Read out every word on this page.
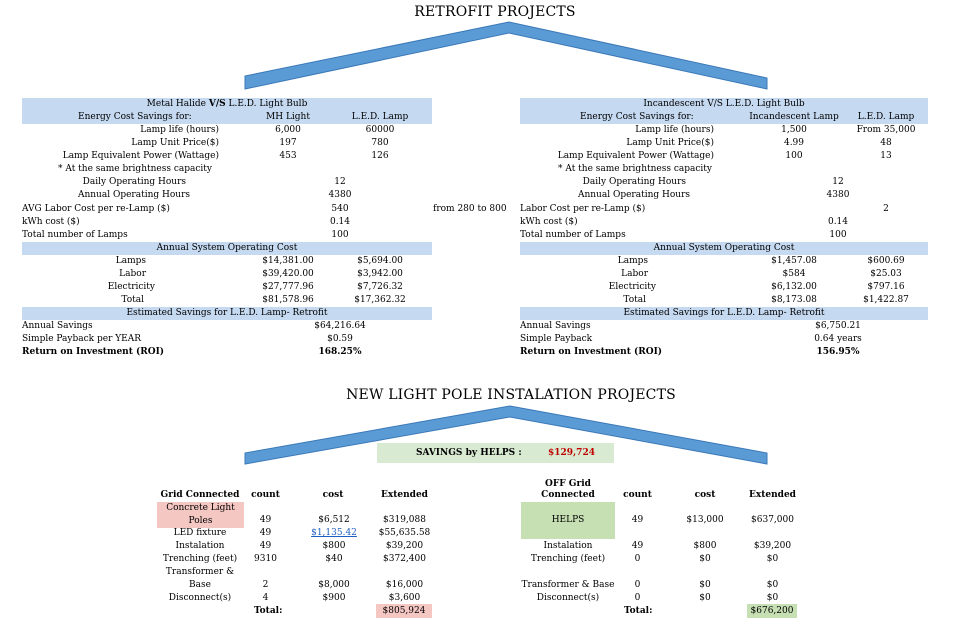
RETROFIT PROJECTS
Metal Halide V/S L.E.D. Light Bulb
Energy Cost Savings for:	MH Light	L.E.D. Lamp
Lamp life (hours)	6,000	60000
Lamp Unit Price($)	197	780
Lamp Equivalent Power (Wattage)	453	126
* At the same brightness capacity
Daily Operating Hours	12
Annual Operating Hours	4380
AVG Labor Cost per re-Lamp ($)	540	from 280 to 800
kWh cost ($)	0.14
Total number of Lamps	100
Annual System Operating Cost
Lamps	$14,381.00	$5,694.00
Labor	$39,420.00	$3,942.00
Electricity	$27,777.96	$7,726.32
Total	$81,578.96	$17,362.32
Estimated Savings for L.E.D. Lamp- Retrofit
Annual Savings	$64,216.64
Simple Payback per YEAR	$0.59
Return on Investment (ROI)	168.25%
Incandescent V/S L.E.D. Light Bulb
Energy Cost Savings for:	Incandescent Lamp	L.E.D. Lamp
Lamp life (hours)	1,500	From 35,000
Lamp Unit Price($)	4.99	48
Lamp Equivalent Power (Wattage)	100	13
* At the same brightness capacity
Daily Operating Hours	12
Annual Operating Hours	4380
Labor Cost per re-Lamp ($)	2
kWh cost ($)	0.14
Total number of Lamps	100
Annual System Operating Cost
Lamps	$1,457.08	$600.69
Labor	$584	$25.03
Electricity	$6,132.00	$797.16
Total	$8,173.08	$1,422.87
Estimated Savings for L.E.D. Lamp- Retrofit
Annual Savings	$6,750.21
Simple Payback	0.64 years
Return on Investment (ROI)	156.95%
NEW LIGHT POLE INSTALATION PROJECTS
SAVINGS by HELPS :	$129,724
Grid Connected	count	cost	Extended
Concrete Light
Poles	49	$6,512	$319,088
LED fixture	49	$1,135.42	$55,635.58
Instalation	49	$800	$39,200
Trenching (feet)	9310	$40	$372,400
Transformer &
Base	2	$8,000	$16,000
Disconnect(s)	4	$900	$3,600
Total:	$805,924
OFF Grid
Connected	count	cost	Extended
HELPS	49	$13,000	$637,000
Instalation	49	$800	$39,200
Trenching (feet)	0	$0	$0
Transformer & Base	0	$0	$0
Disconnect(s)	0	$0	$0
Total:	$676,200
